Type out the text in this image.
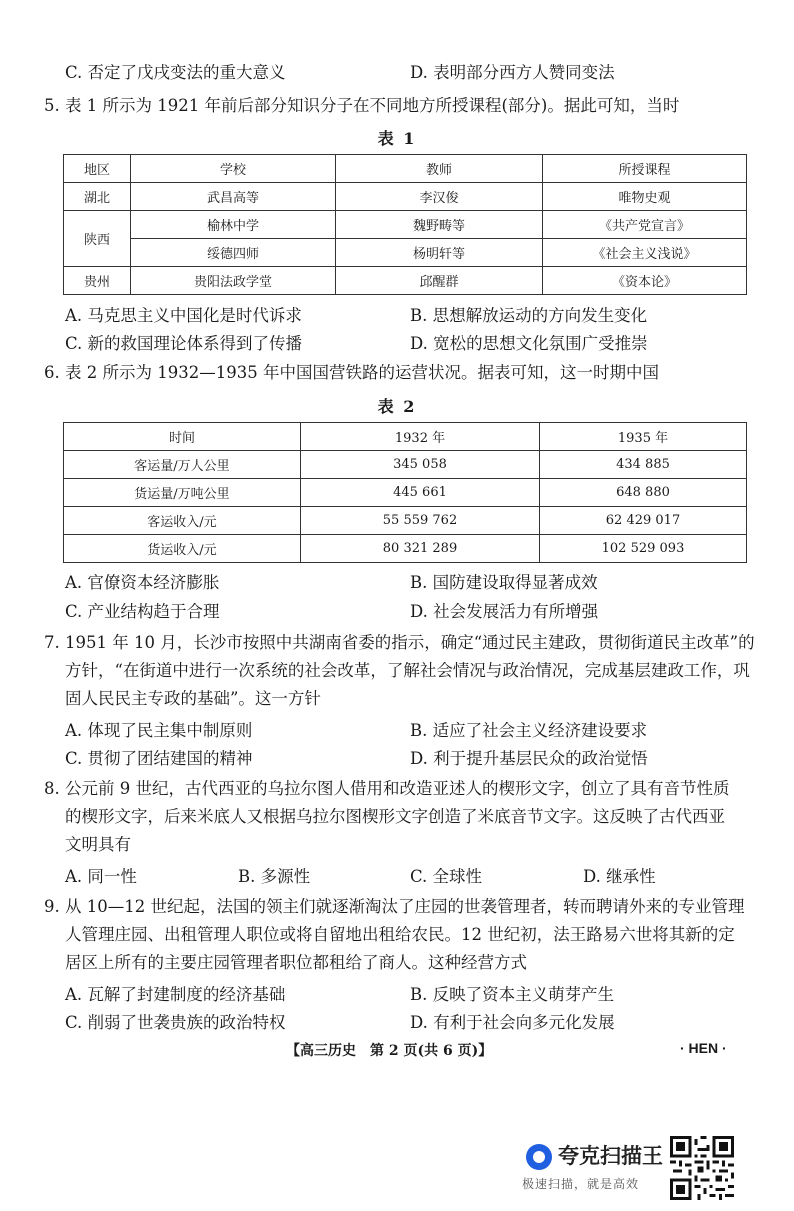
C. 否定了戊戌变法的重大意义	D. 表明部分西方人赞同变法
5. 表 1 所示为 1921 年前后部分知识分子在不同地方所授课程(部分)。据此可知，当时
表 1
地区	学校	教师	所授课程
湖北	武昌高等	李汉俊	唯物史观
陕西	榆林中学	魏野畴等	《共产党宣言》
	绥德四师	杨明轩等	《社会主义浅说》
贵州	贵阳法政学堂	邱醒群	《资本论》
A. 马克思主义中国化是时代诉求	B. 思想解放运动的方向发生变化
C. 新的救国理论体系得到了传播	D. 宽松的思想文化氛围广受推崇
6. 表 2 所示为 1932—1935 年中国国营铁路的运营状况。据表可知，这一时期中国
表 2
时间	1932 年	1935 年
客运量/万人公里	345 058	434 885
货运量/万吨公里	445 661	648 880
客运收入/元	55 559 762	62 429 017
货运收入/元	80 321 289	102 529 093
A. 官僚资本经济膨胀	B. 国防建设取得显著成效
C. 产业结构趋于合理	D. 社会发展活力有所增强
7. 1951 年 10 月，长沙市按照中共湖南省委的指示，确定“通过民主建政，贯彻街道民主改革”的
方针，“在街道中进行一次系统的社会改革，了解社会情况与政治情况，完成基层建政工作，巩
固人民民主专政的基础”。这一方针
A. 体现了民主集中制原则	B. 适应了社会主义经济建设要求
C. 贯彻了团结建国的精神	D. 利于提升基层民众的政治觉悟
8. 公元前 9 世纪，古代西亚的乌拉尔图人借用和改造亚述人的楔形文字，创立了具有音节性质
的楔形文字，后来米底人又根据乌拉尔图楔形文字创造了米底音节文字。这反映了古代西亚
文明具有
A. 同一性	B. 多源性	C. 全球性	D. 继承性
9. 从 10—12 世纪起，法国的领主们就逐渐淘汰了庄园的世袭管理者，转而聘请外来的专业管理
人管理庄园、出租管理人职位或将自留地出租给农民。12 世纪初，法王路易六世将其新的定
居区上所有的主要庄园管理者职位都租给了商人。这种经营方式
A. 瓦解了封建制度的经济基础	B. 反映了资本主义萌芽产生
C. 削弱了世袭贵族的政治特权	D. 有利于社会向多元化发展
【高三历史　第 2 页(共 6 页)】	· HEN ·
夸克扫描王
极速扫描，就是高效
